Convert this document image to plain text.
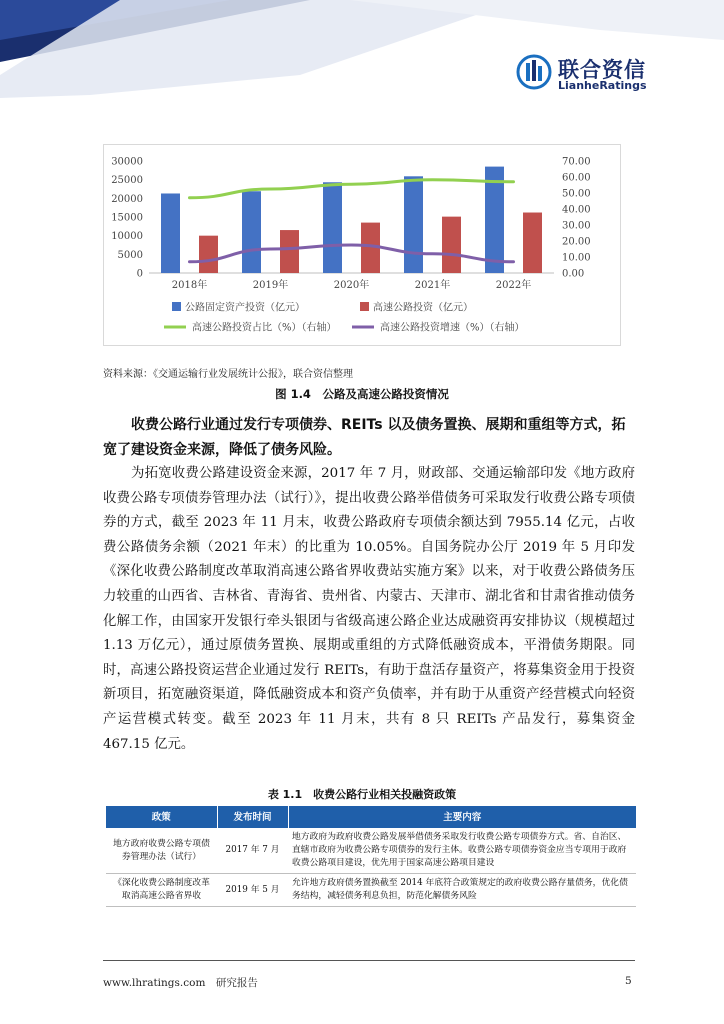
联合资信
LianheRatings
0
5000
10000
15000
20000
25000
30000
0.00
10.00
20.00
30.00
40.00
50.00
60.00
70.00
2018年	2019年	2020年	2021年	2022年
公路固定资产投资（亿元）	高速公路投资（亿元）
高速公路投资占比（%）（右轴）	高速公路投资增速（%）（右轴）
资料来源：《交通运输行业发展统计公报》，联合资信整理
图 1.4　公路及高速公路投资情况
收费公路行业通过发行专项债券、REITs 以及债务置换、展期和重组等方式，拓宽了建设资金来源，降低了债务风险。
为拓宽收费公路建设资金来源，2017 年 7 月，财政部、交通运输部印发《地方政府收费公路专项债券管理办法（试行）》，提出收费公路举借债务可采取发行收费公路专项债券的方式，截至 2023 年 11 月末，收费公路政府专项债余额达到 7955.14 亿元，占收费公路债务余额（2021 年末）的比重为 10.05%。自国务院办公厅 2019 年 5 月印发《深化收费公路制度改革取消高速公路省界收费站实施方案》以来，对于收费公路债务压力较重的山西省、吉林省、青海省、贵州省、内蒙古、天津市、湖北省和甘肃省推动债务化解工作，由国家开发银行牵头银团与省级高速公路企业达成融资再安排协议（规模超过 1.13 万亿元），通过原债务置换、展期或重组的方式降低融资成本，平滑债务期限。同时，高速公路投资运营企业通过发行 REITs，有助于盘活存量资产，将募集资金用于投资新项目，拓宽融资渠道，降低融资成本和资产负债率，并有助于从重资产经营模式向轻资产运营模式转变。截至 2023 年 11 月末，共有 8 只 REITs 产品发行，募集资金 467.15 亿元。
表 1.1　收费公路行业相关投融资政策
政策	发布时间	主要内容
地方政府收费公路专项债券管理办法（试行）	2017 年 7 月	地方政府为政府收费公路发展举借债务采取发行收费公路专项债券方式。省、自治区、直辖市政府为收费公路专项债券的发行主体。收费公路专项债券资金应当专项用于政府收费公路项目建设，优先用于国家高速公路项目建设
《深化收费公路制度改革取消高速公路省界收	2019 年 5 月	允许地方政府债务置换截至 2014 年底符合政策规定的政府收费公路存量债务，优化债务结构，减轻债务利息负担，防范化解债务风险
www.lhratings.com　研究报告	5
